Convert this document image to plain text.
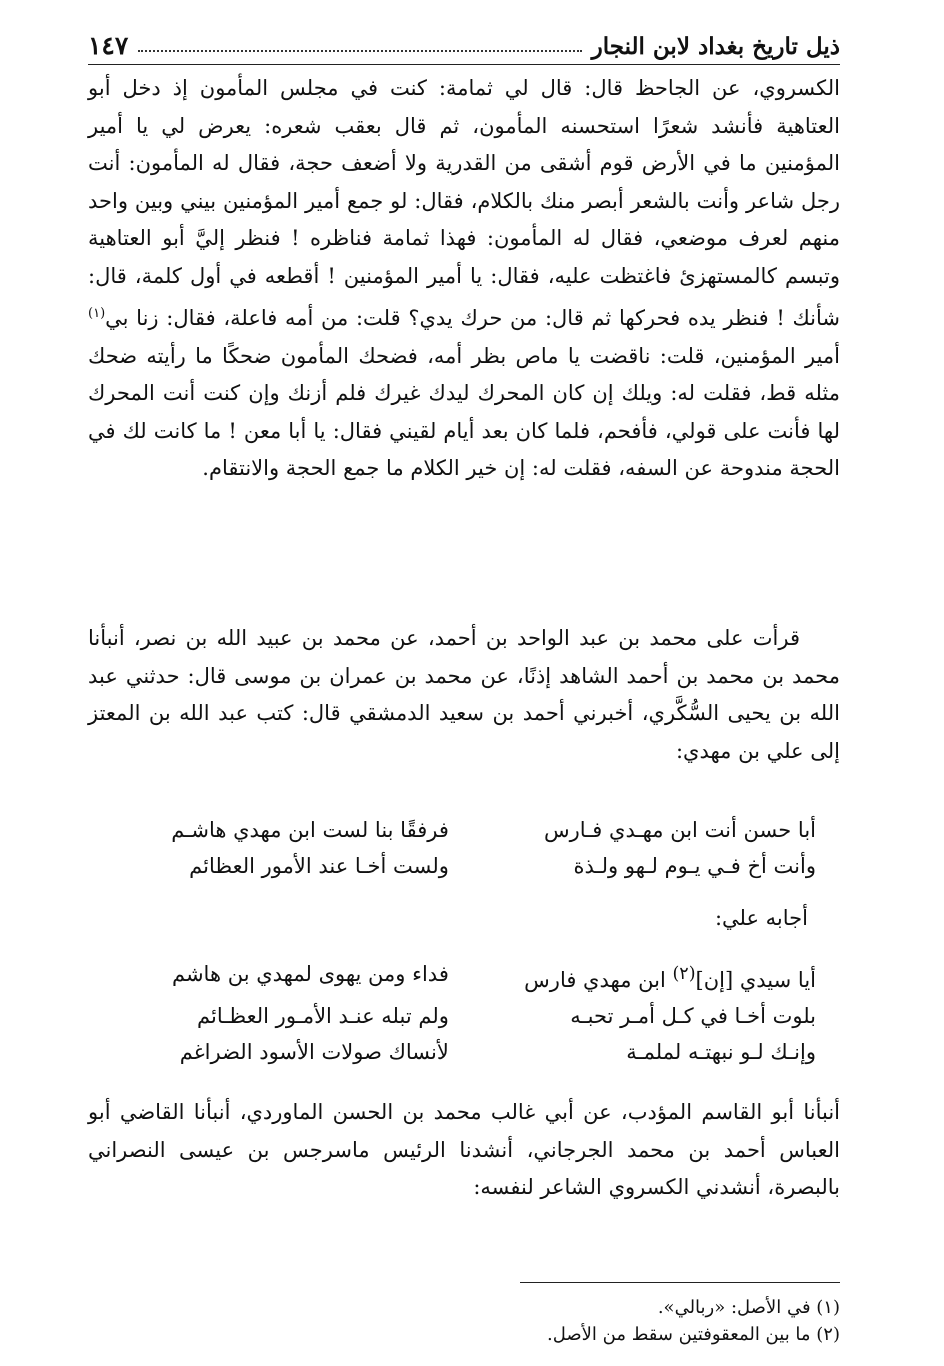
ذيل تاريخ بغداد لابن النجار
١٤٧

الكسروي، عن الجاحظ قال: قال لي ثمامة: كنت في مجلس المأمون إذ دخل أبو العتاهية فأنشد شعرًا استحسنه المأمون، ثم قال بعقب شعره: يعرض لي يا أمير المؤمنين ما في الأرض قوم أشقى من القدرية ولا أضعف حجة، فقال له المأمون: أنت رجل شاعر وأنت بالشعر أبصر منك بالكلام، فقال: لو جمع أمير المؤمنين بيني وبين واحد منهم لعرف موضعي، فقال له المأمون: فهذا ثمامة فناظره ! فنظر إليَّ أبو العتاهية وتبسم كالمستهزئ فاغتظت عليه، فقال: يا أمير المؤمنين ! أقطعه في أول كلمة، قال: شأنك ! فنظر يده فحركها ثم قال: من حرك يدي؟ قلت: من أمه فاعلة، فقال: زنا بي$^{(١)}$ أمير المؤمنين، قلت: ناقضت يا ماص بظر أمه، فضحك المأمون ضحكًا ما رأيته ضحك مثله قط، فقلت له: ويلك إن كان المحرك ليدك غيرك فلم أزنك وإن كنت أنت المحرك لها فأنت على قولي، فأفحم، فلما كان بعد أيام لقيني فقال: يا أبا معن ! ما كانت لك في الحجة مندوحة عن السفه، فقلت له: إن خير الكلام ما جمع الحجة والانتقام.

قرأت على محمد بن عبد الواحد بن أحمد، عن محمد بن عبيد الله بن نصر، أنبأنا محمد بن محمد بن أحمد الشاهد إذنًا، عن محمد بن عمران بن موسى قال: حدثني عبد الله بن يحيى السُّكَّري، أخبرني أحمد بن سعيد الدمشقي قال: كتب عبد الله بن المعتز إلى علي بن مهدي:

أبا حسن أنت ابن مهـدي فـارس
فرفقًا بنا لست ابن مهدي هاشـم
وأنت أخ فـي يـوم لـهو ولـذة
ولست أخـا عند الأمور العظائم
أجابه علي:
أيا سيدي [إن]$^{(٢)}$ ابن مهدي فارس
فداء ومن يهوى لمهدي بن هاشم
بلوت أخـا في كـل أمـر تحبـه
ولم تبله عنـد الأمـور العظـائم
وإنـك لـو نبهتـه لملمـة
لأنساك صولات الأسود الضراغم

أنبأنا أبو القاسم المؤدب، عن أبي غالب محمد بن الحسن الماوردي، أنبأنا القاضي أبو العباس أحمد بن محمد الجرجاني، أنشدنا الرئيس ماسرجس بن عيسى النصراني بالبصرة، أنشدني الكسروي الشاعر لنفسه:

(١) في الأصل: «ربالي».

(٢) ما بين المعقوفتين سقط من الأصل.
